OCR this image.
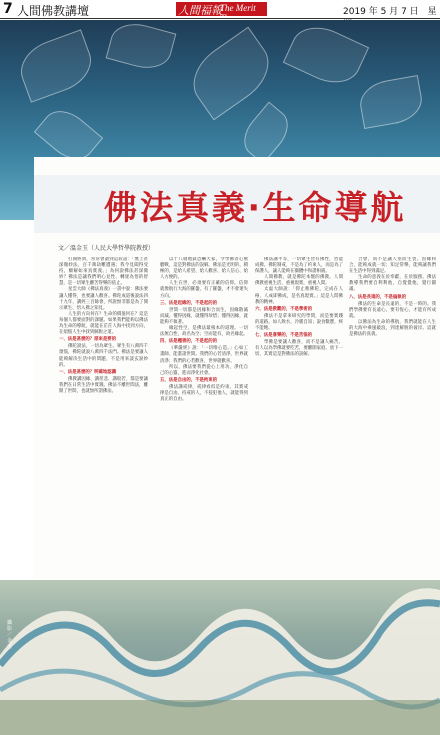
7 人間佛教講壇	人間福報
The Merit	2019 年 5 月 7 日　星
佛法真義‧生命導航
文／溫金玉（人民大學哲學院教授）

打開經典，常常會讀到這段話：「無上甚深微妙法，百千萬劫難遭遇；我今見聞得受持，願解如來真實義。」為何說佛法甚深微妙？佛法是讓我們明心見性、轉迷為悟的智慧，是一切眾生離苦得樂的依止。

星雲大師《佛法真義》一書中說：佛法要讓人懂得，也要讓人歡喜。佛陀成道後說法四十九年，講經三百餘會，所說無非都是為了開示眾生、悟入佛之知見。

人生的方向何在？生命的價值何在？這是每個人都要面對的課題。如果我們能夠以佛法為生命的導航，就能在茫茫人海中找到方向，在煩惱人生中找到解脫之道。

一、法是甚麼的？原來是要的

佛陀說法，一切為眾生。眾生有八萬四千煩惱，佛陀就說八萬四千法門。佛法是要讓人能夠解決生活中的問題，不是用來談玄說妙的。

一、法是甚麼的？明確地認識

佛教講因緣、講慈悲、講般若，都是要讓我們在日常生活中實踐。佛法不離世間法，離開了世間，也就無所謂佛法。

以十八層地獄恐嚇大家，令學佛者心驚膽戰，這是對佛法的誤解。佛法是光明的、積極的，是給人希望、給人歡喜、給人信心、給人方便的。

人生在世，必須要有正確的信仰。信仰就像航行大海的羅盤，有了羅盤，才不會迷失方向。

三、法是起緣的，不是起的的

世間一切都是因緣和合而生，因緣散滅而滅。懂得因緣，就懂得珍惜；懂得因緣，就能夠不執著。

緣起性空，是佛法最根本的道理。一切法無自性，故名為空；空而能有，故名緣起。

四、法是種善的，不是起的的

《華嚴經》說：「一切唯心造。」心如工畫師，能畫諸世間。我們的心若清淨，世界就清淨；我們的心若歡喜，世界就歡喜。

所以，佛法要我們從心上用功，淨化自己的心靈，進而淨化社會。

五、法是自由的，不是拘束的

佛法講戒律，戒律看似是約束，其實戒律是自由。持戒的人，不侵犯他人，就能得到真正的自由。

佛法講平等，一切眾生皆有佛性，皆能成佛。佛陀制戒，不是為了約束人，而是為了保護人，讓人能夠在團體中和諧相處。

人間佛教，就是佛陀本懷的佛教。人間佛教重視生活，重視現實，重視人間。

太虛大師說：「仰止唯佛陀，完成在人格，人成即佛成，是名真現實。」這是人間佛教的精神。

六、法是教觀的，不是學術的

佛法不是拿來研究的學問，而是要實踐的道路。如人飲水，冷暖自知；說食數寶，終不能飽。

七、法是喜樂的，不是苦惱的

學佛是要讓人歡喜，而不是讓人痛苦。有人以為學佛就要吃苦，要離開家庭、放下一切，其實這是對佛法的誤解。

合會，而不是讓人望而生畏。因緣和合，能夠成就一切；知足常樂，能夠讓我們在生活中得到滿足。

生命的意義在於奉獻，在於服務。佛法教導我們要自利利他，自覺覺他，覺行圓滿。

八、法是長遠的，不是偏執的

佛法的生命是長遠的，不是一時的。我們學佛要有長遠心，要有恆心，才能有所成就。

以佛法為生命的導航，我們就能在人生的大海中乘風破浪，到達解脫的彼岸。這就是佛法的真義。

攝影／ 金玉
